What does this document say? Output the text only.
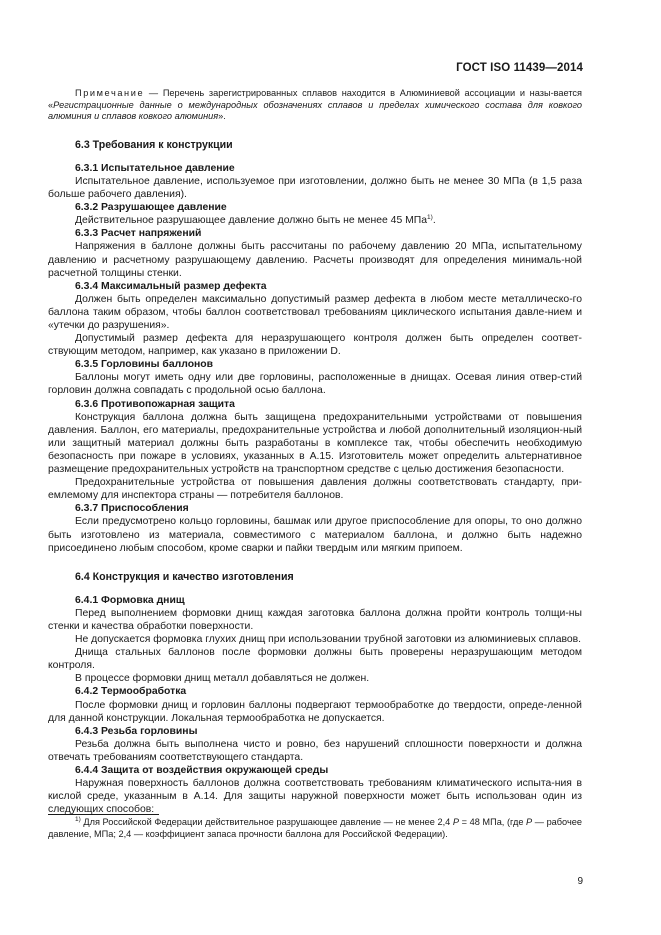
ГОСТ ISO 11439—2014

Примечание — Перечень зарегистрированных сплавов находится в Алюминиевой ассоциации и назы-вается «Регистрационные данные о международных обозначениях сплавов и пределах химического состава для ковкого алюминия и сплавов ковкого алюминия».

6.3 Требования к конструкции
6.3.1 Испытательное давление

Испытательное давление, используемое при изготовлении, должно быть не менее 30 МПа (в 1,5 раза больше рабочего давления).

6.3.2 Разрушающее давление

Действительное разрушающее давление должно быть не менее 45 МПа$^{1)}$.

6.3.3 Расчет напряжений

Напряжения в баллоне должны быть рассчитаны по рабочему давлению 20 МПа, испытательному давлению и расчетному разрушающему давлению. Расчеты производят для определения минималь-ной расчетной толщины стенки.

6.3.4 Максимальный размер дефекта

Должен быть определен максимально допустимый размер дефекта в любом месте металлическо-го баллона таким образом, чтобы баллон соответствовал требованиям циклического испытания давле-нием и «утечки до разрушения».

Допустимый размер дефекта для неразрушающего контроля должен быть определен соответ-ствующим методом, например, как указано в приложении D.

6.3.5 Горловины баллонов

Баллоны могут иметь одну или две горловины, расположенные в днищах. Осевая линия отвер-стий горловин должна совпадать с продольной осью баллона.

6.3.6 Противопожарная защита

Конструкция баллона должна быть защищена предохранительными устройствами от повышения давления. Баллон, его материалы, предохранительные устройства и любой дополнительный изоляцион-ный или защитный материал должны быть разработаны в комплексе так, чтобы обеспечить необходимую безопасность при пожаре в условиях, указанных в А.15. Изготовитель может определить альтернативное размещение предохранительных устройств на транспортном средстве с целью достижения безопасности.

Предохранительные устройства от повышения давления должны соответствовать стандарту, при-емлемому для инспектора страны — потребителя баллонов.

6.3.7 Приспособления

Если предусмотрено кольцо горловины, башмак или другое приспособление для опоры, то оно должно быть изготовлено из материала, совместимого с материалом баллона, и должно быть надежно присоединено любым способом, кроме сварки и пайки твердым или мягким припоем.

6.4 Конструкция и качество изготовления
6.4.1 Формовка днищ

Перед выполнением формовки днищ каждая заготовка баллона должна пройти контроль толщи-ны стенки и качества обработки поверхности.

Не допускается формовка глухих днищ при использовании трубной заготовки из алюминиевых сплавов.

Днища стальных баллонов после формовки должны быть проверены неразрушающим методом контроля.

В процессе формовки днищ металл добавляться не должен.

6.4.2 Термообработка

После формовки днищ и горловин баллоны подвергают термообработке до твердости, опреде-ленной для данной конструкции. Локальная термообработка не допускается.

6.4.3 Резьба горловины

Резьба должна быть выполнена чисто и ровно, без нарушений сплошности поверхности и должна отвечать требованиям соответствующего стандарта.

6.4.4 Защита от воздействия окружающей среды

Наружная поверхность баллонов должна соответствовать требованиям климатического испыта-ния в кислой среде, указанным в А.14. Для защиты наружной поверхности может быть использован один из следующих способов:

$^{1)}$ Для Российской Федерации действительное разрушающее давление — не менее 2,4 Р = 48 МПа, (где Р — рабочее давление, МПа; 2,4 — коэффициент запаса прочности баллона для Российской Федерации).

9
